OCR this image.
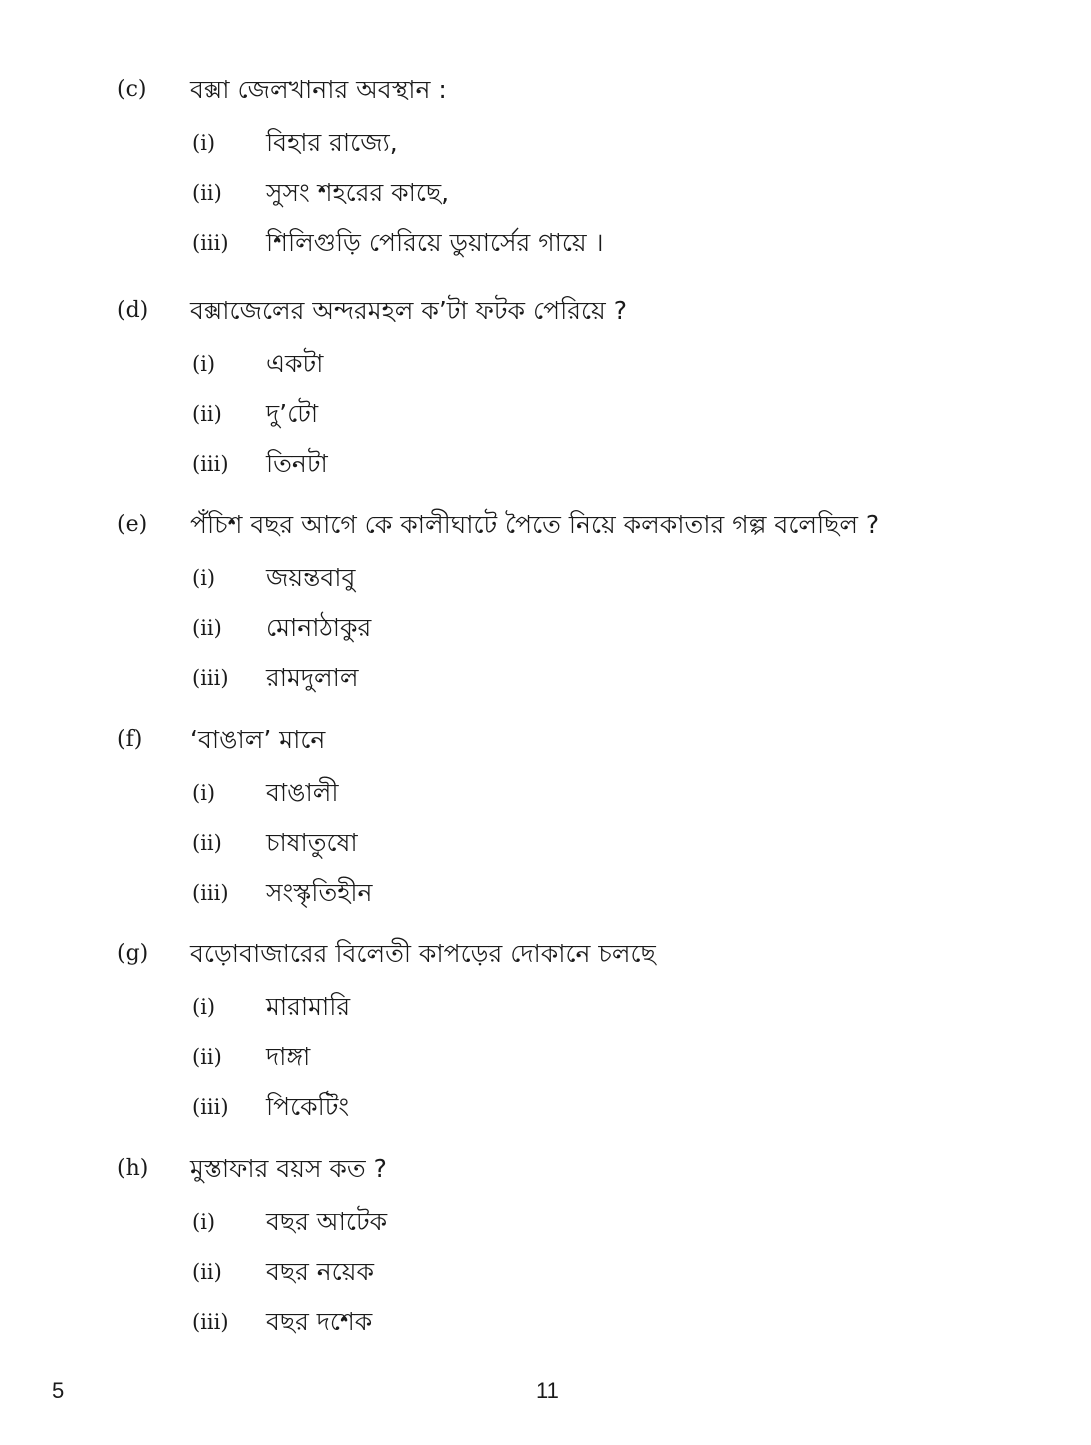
(c) বক্সা জেলখানার অবস্থান :
(i) বিহার রাজ্যে,
(ii) সুসং শহরের কাছে,
(iii) শিলিগুড়ি পেরিয়ে ডুয়ার্সের গায়ে ।
(d) বক্সাজেলের অন্দরমহল ক’টা ফটক পেরিয়ে ?
(i) একটা
(ii) দু’টো
(iii) তিনটা
(e) পঁচিশ বছর আগে কে কালীঘাটে পৈতে নিয়ে কলকাতার গল্প বলেছিল ?
(i) জয়ন্তবাবু
(ii) মোনাঠাকুর
(iii) রামদুলাল
(f) ‘বাঙাল’ মানে
(i) বাঙালী
(ii) চাষাতুষো
(iii) সংস্কৃতিহীন
(g) বড়োবাজারের বিলেতী কাপড়ের দোকানে চলছে
(i) মারামারি
(ii) দাঙ্গা
(iii) পিকেটিং
(h) মুস্তাফার বয়স কত ?
(i) বছর আটেক
(ii) বছর নয়েক
(iii) বছর দশেক
5	11
